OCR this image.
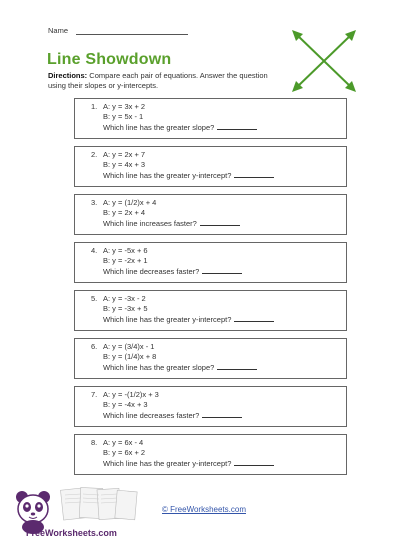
Name
Line Showdown
Directions: Compare each pair of equations. Answer the question using their slopes or y-intercepts.
1. A: y = 3x + 2
B: y = 5x - 1
Which line has the greater slope?
2. A: y = 2x + 7
B: y = 4x + 3
Which line has the greater y-intercept?
3. A: y = (1/2)x + 4
B: y = 2x + 4
Which line increases faster?
4. A: y = -5x + 6
B: y = -2x + 1
Which line decreases faster?
5. A: y = -3x - 2
B: y = -3x + 5
Which line has the greater y-intercept?
6. A: y = (3/4)x - 1
B: y = (1/4)x + 8
Which line has the greater slope?
7. A: y = -(1/2)x + 3
B: y = -4x + 3
Which line decreases faster?
8. A: y = 6x - 4
B: y = 6x + 2
Which line has the greater y-intercept?
FreeWorksheets.com
© FreeWorksheets.com
